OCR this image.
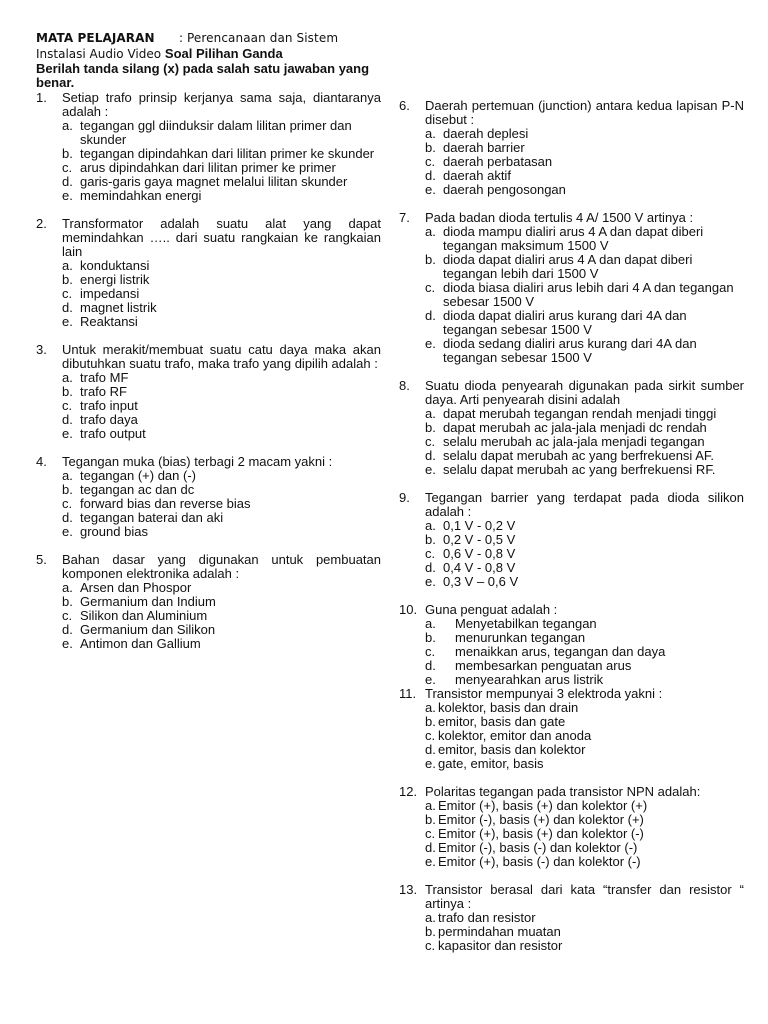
MATA PELAJARAN : Perencanaan dan Sistem
Instalasi Audio Video Soal Pilihan Ganda
Berilah tanda silang (x) pada salah satu jawaban yang benar.
1.	Setiap trafo prinsip kerjanya sama saja, diantaranya adalah :
a. tegangan ggl diinduksir dalam lilitan primer dan skunder
b. tegangan dipindahkan dari lilitan primer ke skunder
c. arus dipindahkan dari lilitan primer ke primer
d. garis-garis gaya magnet melalui lilitan skunder
e. memindahkan energi
2.	Transformator adalah suatu alat yang dapat memindahkan ….. dari suatu rangkaian ke rangkaian lain
a. konduktansi
b. energi listrik
c. impedansi
d. magnet listrik
e. Reaktansi
3.	Untuk merakit/membuat suatu catu daya maka akan dibutuhkan suatu trafo, maka trafo yang dipilih adalah :
a. trafo MF
b. trafo RF
c. trafo input
d. trafo daya
e. trafo output
4.	Tegangan muka (bias) terbagi 2 macam yakni :
a. tegangan (+) dan (-)
b. tegangan ac dan dc
c. forward bias dan reverse bias
d. tegangan baterai dan aki
e. ground bias
5.	Bahan dasar yang digunakan untuk pembuatan komponen elektronika adalah :
a. Arsen dan Phospor
b. Germanium dan Indium
c. Silikon dan Aluminium
d. Germanium dan Silikon
e. Antimon dan Gallium
6.	Daerah pertemuan (junction) antara kedua lapisan P-N disebut :
a. daerah deplesi
b. daerah barrier
c. daerah perbatasan
d. daerah aktif
e. daerah pengosongan
7.	Pada badan dioda tertulis 4 A/ 1500 V artinya :
a. dioda mampu dialiri arus 4 A dan dapat diberi tegangan maksimum 1500 V
b. dioda dapat dialiri arus 4 A dan dapat diberi tegangan lebih dari 1500 V
c. dioda biasa dialiri arus lebih dari 4 A dan tegangan sebesar 1500 V
d. dioda dapat dialiri arus kurang dari 4A dan tegangan sebesar 1500 V
e. dioda sedang dialiri arus kurang dari 4A dan tegangan sebesar 1500 V
8.	Suatu dioda penyearah digunakan pada sirkit sumber daya. Arti penyearah disini adalah
a. dapat merubah tegangan rendah menjadi tinggi
b. dapat merubah ac jala-jala menjadi dc rendah
c. selalu merubah ac jala-jala menjadi tegangan
d. selalu dapat merubah ac yang berfrekuensi AF.
e. selalu dapat merubah ac yang berfrekuensi RF.
9.	Tegangan barrier yang terdapat pada dioda silikon adalah :
a. 0,1 V - 0,2 V
b. 0,2 V - 0,5 V
c. 0,6 V - 0,8 V
d. 0,4 V - 0,8 V
e. 0,3 V – 0,6 V
10. Guna penguat adalah :
a.	Menyetabilkan tegangan
b.	menurunkan tegangan
c.	menaikkan arus, tegangan dan daya
d.	membesarkan penguatan arus
e.	menyearahkan arus listrik
11. Transistor mempunyai 3 elektroda yakni :
a. kolektor, basis dan drain
b. emitor, basis dan gate
c. kolektor, emitor dan anoda
d. emitor, basis dan kolektor
e. gate, emitor, basis
12. Polaritas tegangan pada transistor NPN adalah:
a. Emitor (+), basis (+) dan kolektor (+)
b. Emitor (-), basis (+) dan kolektor (+)
c. Emitor (+), basis (+) dan kolektor (-)
d. Emitor (-), basis (-) dan kolektor (-)
e. Emitor (+), basis (-) dan kolektor (-)
13. Transistor berasal dari kata “transfer dan resistor “ artinya :
a. trafo dan resistor
b. permindahan muatan
c. kapasitor dan resistor
